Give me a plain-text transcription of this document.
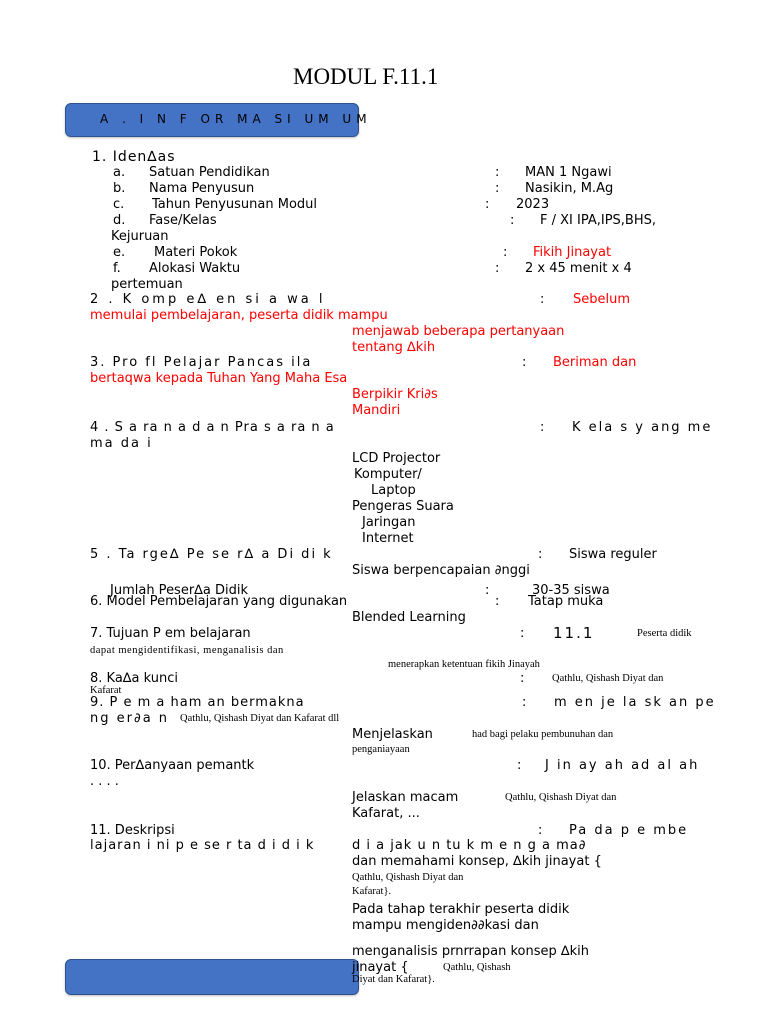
MODUL F.11.1
A . I N F OR MA SI UM UM
1. Iden∆as
a. Satuan Pendidikan	: MAN 1 Ngawi
b. Nama Penyusun	: Nasikin, M.Ag
c. Tahun Penyusunan Modul	: 2023
d. Fase/Kelas	: F / XI IPA,IPS,BHS,
Kejuruan
e. Materi Pokok	: Fikih Jinayat
f. Alokasi Waktu	: 2 x 45 menit x 4
pertemuan
2 . K omp e∆ en si a wa l	: Sebelum
memulai pembelajaran, peserta didik mampu
menjawab beberapa pertanyaan
tentang ∆kih
3. Pro fl Pelajar Pancas ila	: Beriman dan
bertaqwa kepada Tuhan Yang Maha Esa
Berpikir Kri∂s
Mandiri
4 . S a ra n a d a n Pra s a ra n a	: K ela s y ang me
ma da i
LCD Projector
Komputer/
Laptop
Pengeras Suara
Jaringan
Internet
5 . Ta rge∆ Pe se r∆ a Di di k	: Siswa reguler
Siswa berpencapaian ∂nggi
Jumlah Peser∆a Didik	:	30-35 siswa
6. Model Pembelajaran yang digunakan	: Tatap muka
Blended Learning
7. Tujuan P em belajaran	: 11.1	Peserta didik
dapat mengidentifikasi, menganalisis dan
menerapkan ketentuan fikih Jinayah
8. Ka∆a kunci	:	Qathlu, Qishash Diyat dan
Kafarat
9. P e m a ham an bermakna	: m en je la sk an pe
ng er∂a n Qathlu, Qishash Diyat dan Kafarat dll
Menjelaskan	had bagi pelaku pembunuhan dan
penganiayaan
10. Per∆anyaan pemantk	: J in ay ah ad al ah
. . . .
Jelaskan macam	Qathlu, Qishash Diyat dan
Kafarat, ...
11. Deskripsi	: Pa da p e mbe
lajaran i ni p e se r ta d i d i k	d i a jak u n tu k m e n g a ma∂
dan memahami konsep, ∆kih jinayat {
Qathlu, Qishash Diyat dan
Kafarat}.
Pada tahap terakhir peserta didik
mampu mengiden∂∂kasi dan
menganalisis prnrrapan konsep ∆kih
jinayat {	Qathlu, Qishash
Diyat dan Kafarat}.
